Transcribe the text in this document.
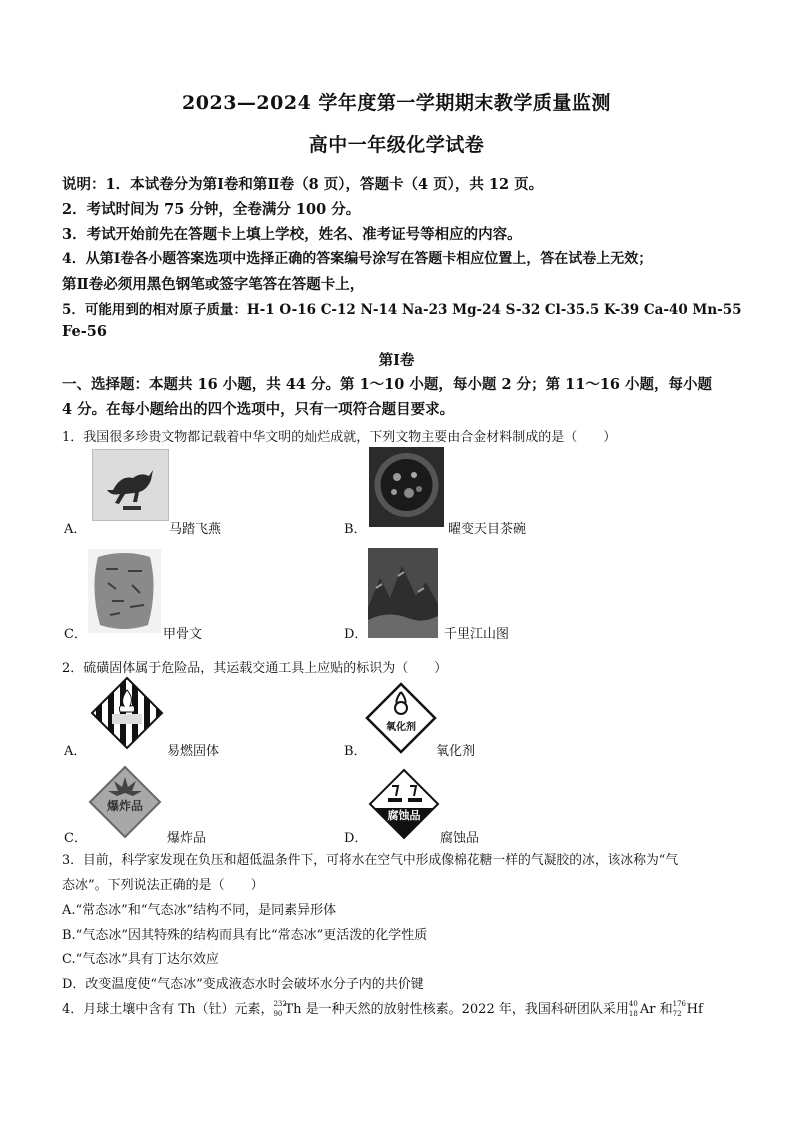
2023—2024 学年度第一学期期末教学质量监测
高中一年级化学试卷
说明：1．本试卷分为第Ⅰ卷和第Ⅱ卷（8 页），答题卡（4 页），共 12 页。
2．考试时间为 75 分钟，全卷满分 100 分。
3．考试开始前先在答题卡上填上学校，姓名、准考证号等相应的内容。
4．从第Ⅰ卷各小题答案选项中选择正确的答案编号涂写在答题卡相应位置上，答在试卷上无效；
第Ⅱ卷必须用黑色钢笔或签字笔答在答题卡上，
5．可能用到的相对原子质量：H-1 O-16 C-12 N-14 Na-23 Mg-24 S-32 Cl-35.5 K-39 Ca-40 Mn-55
Fe-56
第Ⅰ卷
一、选择题：本题共 16 小题，共 44 分。第 1～10 小题，每小题 2 分；第 11～16 小题，每小题
4 分。在每小题给出的四个选项中，只有一项符合题目要求。
1．我国很多珍贵文物都记载着中华文明的灿烂成就，下列文物主要由合金材料制成的是（　　）
A．	马踏飞燕	B．	曜变天目茶碗
C．	甲骨文	D．	千里江山图
2．硫磺固体属于危险品，其运载交通工具上应贴的标识为（　　）
A．	易燃固体	B．
氧化剂
氧化剂
C．
爆炸品
爆炸品	D．
腐蚀品
腐蚀品
3．目前，科学家发现在负压和超低温条件下，可将水在空气中形成像棉花糖一样的气凝胶的冰，该冰称为“气
态冰”。下列说法正确的是（　　）
A.“常态冰”和“气态冰”结构不同，是同素异形体
B.“气态冰”因其特殊的结构而具有比“常态冰”更活泼的化学性质
C.“气态冰”具有丁达尔效应
D．改变温度使“气态冰”变成液态水时会破坏水分子内的共价键
4．月球土壤中含有 Th（钍）元素， 232
90 Th 是一种天然的放射性核素。2022 年，我国科研团队采用 40
18 Ar 和 176
72 Hf
